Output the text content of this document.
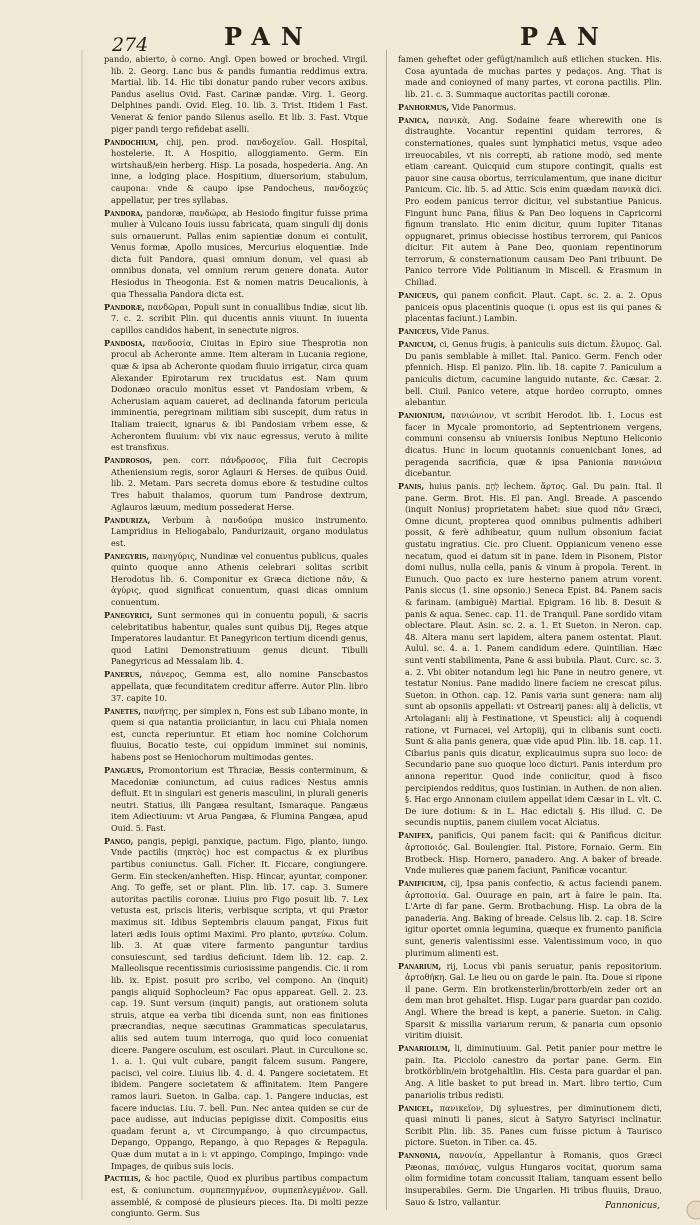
274	PAN	PAN

pando, abierto, ò corno. Angl. Open bowed or broched. Virgil. lib. 2. Georg. Lanc bus & pandis fumantia reddimus extra. Martial. lib. 14. Hic tibi donatur pando ruber vecors axibus. Pandus aselius Ovid. Fast. Carinæ pandæ. Virg. 1. Georg. Delphines pandi. Ovid. Eleg. 10. lib. 3. Trist. Itidem 1 Fast. Venerat & fenior pando Silenus asello. Et lib. 3. Fast. Vtque piger pandi tergo refidebat aselli.

Pandochium, chij, pen. prod. πανδοχεῖον. Gall. Hospital, hostelerie. It. A Hospitio, alloggiamento. Germ. Ein wirtshauß/ein herberg. Hisp. La posada, hospederia. Ang. An inne, a lodging place. Hospitium, diuersorium, stabulum, caupona: vnde & caupo ipse Pandocheus, πανδοχεύς appellatur, per tres syllabas.

Pandora, pandoræ, πανδώρα, ab Hesiodo fingitur fuisse prima mulier à Vulcano Iouis iussu fabricata, quam singuli dij donis suis ornauerunt. Pallas enim sapientiæ donum ei contulit, Venus formæ, Apollo musices, Mercurius eloquentiæ. Inde dicta fuit Pandora, quasi omnium donum, vel quasi ab omnibus donata, vel omnium rerum genere donata. Autor Hesiodus in Theogonia. Est & nomen matris Deucalionis, à qua Thessalia Pandora dicta est.

Pandoræ, πανδῶραι, Populi sunt in conuallibus Indiæ, sicut lib. 7. c. 2. scribit Plin. qui ducentis annis viuunt. In iuuenta capillos candidos habent, in senectute nigros.

Pandosia, πανδοσία, Ciuitas in Epiro siue Thesprotia non procul ab Acheronte amne. Item alteram in Lucania regione, quæ & ipsa ab Acheronte quodam fluuio irrigatur, circa quam Alexander Epirotarum rex trucidatus est. Nam quum Dodonæo oraculo monitus esset vt Pandosiam vrbem, & Acherusiam aquam caueret, ad declinanda fatorum pericula imminentia, peregrinam militiam sibi suscepit, dum ratus in Italiam traiecit, ignarus & ibi Pandosiam vrbem esse, & Acherontem fluuium: vbi vix nauc egressus, veruto à milite est transfixus.

Pandrosos, pen. corr. πάνδροσος, Filia fuit Cecropis Atheniensium regis, soror Aglauri & Herses. de quibus Ouid. lib. 2. Metam. Pars secreta domus ebore & testudine cultos Tres habuit thalamos, quorum tum Pandrose dextrum, Aglauros læuum, medium possederat Herse.

Panduriza, Verbum à πανδούρα musico instrumento. Lampridius in Heliogabalo, Pandurizauit, organo modulatus est.

Panegyris, πανηγύρις, Nundinæ vel conuentus publicus, quales quinto quoque anno Athenis celebrari solitas scribit Herodotus lib. 6. Componitur ex Græca dictione πᾶν, & ἀγύρις, quod significat conuentum, quasi dicas omnium conuentum.

Panegyrici, Sunt sermones qui in conuentu populi, & sacris celebritatibus habentur, quales sunt quibus Dij, Reges atque Imperatores laudantur. Et Panegyricon tertium dicendi genus, quod Latini Demonstratiuum genus dicunt. Tibulli Panegyricus ad Messalam lib. 4.

Panerus, πάνερος, Gemma est, alio nomine Panscbastos appellata, quæ fecunditatem creditur afferre. Autor Plin. libro 37. capite 10.

Panetes, πανήτης, per simplex n, Fons est sub Libano monte, in quem si qua natantia proiiciantur, in lacu cui Phiala nomen est, cuncta reperiuntur. Et etiam hoc nomine Colchorum fluuius, Bocatio teste, cui oppidum imminet sui nominis, habens post se Heniochorum multimodas gentes.

Pangæus, Promontorium est Thraciæ, Bessis conterminum, & Macedoniæ coniunctum, ad cuius radices Nestus amnis defluit. Et in singulari est generis masculini, in plurali generis neutri. Statius, illi Pangæa resultant, Ismaraque. Pangæus item Adiectiuum: vt Arua Pangæa, & Flumina Pangæa, apud Ouid. 5. Fast.

Pango, pangis, pepigi, panxique, pactum. Figo, planto, iungo. Vnde pactilis (πηκτὸς) hoc est compactus & ex pluribus partibus coniunctus. Gall. Ficher. It. Ficcare, congiungere. Germ. Ein stecken/anheften. Hisp. Hincar, ayuntar, componer. Ang. To geffe, set or plant. Plin. lib. 17. cap. 3. Sumere autoritas pactilis coronæ. Liuius pro Figo posuit lib. 7. Lex vetusta est, priscis literis, verbisque scripta, vt qui Prætor maximus sit. Idibus Septembris clauum pangat, Fixus fuit lateri ædis Iouis optimi Maximi. Pro planto, φυτεύω. Colum. lib. 3. At quæ vitere farmento panguntur tardius consuiescunt, sed tardius deficiunt. Idem lib. 12. cap. 2. Malleolisque recentissimis curiosissime pangendis. Cic. ii rom lib. ix. Epist. posuit pro scribo, vel compono. An (inquit) pangis aliquid Sophocleum? Fac opus appareat. Gell. 2. 23. cap. 19. Sunt versum (inquit) pangis, aut orationem soluta struis, atque ea verba tibi dicenda sunt, non eas finitiones præcrandias, neque sæcutinas Grammaticas speculatarus, aliis sed autem tuum interroga, quo quid loco conueniat dicere. Pangere osculum, est osculari. Plaut. in Curculione sc. 1. a. 1. Qui vult cubare, pangit falcem susum. Pangere, pacisci, vel coire. Liuius lib. 4. d. 4. Pangere societatem. Et ibidem. Pangere societatem & affinitatem. Item Pangere ramos lauri. Sueton. in Galba. cap. 1. Pangere inducias, est facere inducias. Liu. 7. bell. Pun. Nec antea quiden se cur de pace audisse, aut inducias pepigisse dixit. Compositis eius quadam ferunt a, vt Circumpango, à quo circumpactus, Depango, Oppango, Repango, à quo Repages & Repagula. Quæ dum mutat a in i: vt appingo, Compingo, Impingo: vnde Impages, de quibus suis locis.

Pactilis, & hoc pactile, Quod ex pluribus partibus compactum est, & coniunctum. συμπεπηγμένον, συμπεπλεγμένον. Gall. assemblé, & composé de plusieurs pieces. Ita. Di molti pezze congiunto. Germ. Sus

famen geheftet oder gefügt/namlich auß etlichen stucken. His. Cosa ayuntada de muchas partes y pedaços. Ang. That is made and conioyned of many partes, vt corona pactilis. Plin. lib. 21. c. 3. Summaque auctoritas pactili coronæ.

Panhormus, Vide Panormus.

Panica, πανικὰ, Ang. Sodaine feare wherewith one is distraughte. Vocantur repentini quidam terrores, & consternationes, quales sunt lymphatici metus, vsque adeo irreuocabiles, vt nis correpti, ab ratione modò, sed mente etiam careant. Quicquid cum stupore contingit, qualis est pauor sine causa obortus, terriculamentum, que inane dicitur Panicum. Cic. lib. 5. ad Attic. Scis enim quædam πανικὰ dici. Pro eodem panicus terror dicitur, vel substantiue Panicus. Fingunt hunc Pana, filius & Pan Deo loquens in Capricorni fignum translato. Hic enim dicitur, quum Iupiter Titanas oppugnaret, primus obiecisse hostibus terrorem, qui Panicos dicitur. Fit autem à Pane Deo, quoniam repentinorum terrorum, & consternationum causam Deo Pani tribuunt. De Panico terrore Vide Politianum in Miscell. & Erasmum in Chiliad.

Paniceus, qui panem conficit. Plaut. Capt. sc. 2. a. 2. Opus paniceis opus placentinis quoque (i. opus est iis qui panes & placentas faciunt.) Lambin.

Paniceus, Vide Panus.

Panicum, ci, Genus frugis, à paniculis suis dictum. ἔλυμος. Gal. Du panis semblable à millet. Ital. Panico. Germ. Fench oder pfennich. Hisp. El panizo. Plin. lib. 18. capite 7. Paniculum a paniculis dictum, cacumine languido nutante, &c. Cæsar. 2. bell. Ciuil. Panico vetere, atque hordeo corrupto, omnes alebantur.

Panionium, πανιώνιον, vt scribit Herodot. lib. 1. Locus est facer in Mycale promontorio, ad Septentrionem vergens, communi consensu ab vniuersis Ionibus Neptuno Heliconio dicatus. Hunc in locum quotannis conuenicbant Iones, ad peragenda sacrificia, quæ & ipsa Panionia πανιώνια dicebantur.

Panis, huius panis. לֶחֶם lechem. ἄρτος. Gal. Du pain. Ital. Il pane. Germ. Brot. His. El pan. Angl. Breade. A pascendo (inquit Nonius) proprietatem habet: siue quod πᾶν Græci, Omne dicunt, propterea quod omnibus pulmentis adhiberi possit, & ferè adhibeatur, quum nullum obsonium faciat gustatu ingratius. Cic. pro Cluent. Oppianicum veneno esse necatum, quod ei datum sit in pane. Idem in Pisonem, Pistor domi nullus, nulla cella, panis & vinum à propola. Terent. in Eunuch. Quo pacto ex iure hesterno panem atrum vorent. Panis siccus (1. sine opsonio.) Seneca Epist. 84. Panem sacis & farinam. (ambiguè) Martial. Epigram. 16 lib. 8. Desuit & panis & aqua. Senec. cap. 11. de Tranquil. Pane sordido vitam oblectare. Plaut. Asin. sc. 2. a. 1. Et Sueton. in Neron. cap. 48. Altera manu sert lapidem, altera panem ostentat. Plaut. Aulul. sc. 4. a. 1. Panem candidum edere. Quintilian. Hæc sunt venti stabilimenta, Pane & assi bubula. Plaut. Curc. sc. 3. a. 2. Vbi obiter notandum legi hic Pane in neutro genere, vt testatur Nonius. Pane madido linere faciem ne crescat pilus. Sueton. in Othon. cap. 12. Panis varia sunt genera: nam alij sunt ab opsoniis appellati: vt Ostrearij panes: alij à deliciis, vt Artolagani: alij à Festinatione, vt Speustici: alij à coquendi ratione, vt Furnacei, vel Artopiij, qui in clibanis sunt cocti. Sunt & alia panis genera, quæ vide apud Plin. lib. 18. cap. 11. Cibarius panis quis dicatur, explicauimus supra suo loco: de Secundario pane suo quoque loco dicturi. Panis interdum pro annona reperitur. Quod inde coniicitur, quod à fisco percipiendos redditus, quos Iustinian. in Authen. de non alien. §. Hac ergo Annonam ciuilem appellat idem Cæsar in L. vlt. C. De iure dotium: & in L. Hac edictali §. His illud. C. De secundis nuptiis, panem ciuilem vocat Alciatus.

Panifex, panificis, Qui panem facit: qui & Panificus dicitur. ἀρτοποιός. Gal. Boulengier. Ital. Pistore, Fornaio. Germ. Ein Brotbeck. Hisp. Hornero, panadero. Ang. A baker of breade. Vnde mulieres quæ panem faciunt, Panificæ vocantur.

Panificium, cij, Ipsa panis confectio, & actus faciendi panem. ἀρτοποιία. Gal. Ouurage en pain, art à faire le pain. Ita. L'Arte di far pane. Germ. Brotbachung. Hisp. La obra de la panaderia. Ang. Baking of breade. Celsus lib. 2. cap. 18. Scire igitur oportet omnia legumina, quæque ex frumento panificia sunt, generis valentissimi esse. Valentissimum voco, in quo plurimum alimenti est.

Panarium, rij, Locus vbi panis seruatur, panis repositorium. ἀρτοθήκη. Gal. Le lieu ou on garde le pain. Ita. Doue si ripone il pane. Germ. Ein brotkensterlin/brottorb/ein zeder ort an dem man brot gehaltet. Hisp. Lugar para guardar pan cozido. Angl. Where the bread is kept, a panerie. Sueton. in Calig. Sparsit & missilia variarum rerum, & panaria cum opsonio viritim diuisit.

Panariolum, li, diminutiuum. Gal. Petit panier pour mettre le pain. Ita. Picciolo canestro da portar pane. Germ. Ein brotkörblin/ein brotgehaltlin. His. Cesta para guardar el pan. Ang. A litle basket to put bread in. Mart. libro tertio, Cum panariolis tribus redisti.

Panicel, πανικεῖον, Dij syluestres, per diminutionem dicti, quasi minuti li panes, sicut à Satyro Satyrisci inclinatur. Scribit Plin. lib. 35. Panes cum fuisse pictum à Taurisco pictore. Sueton. in Tiber. ca. 45.

Pannonia, πανονία, Appellantur à Romanis, quos Græci Pæonas, παιόνας, vulgus Hungaros vocitat, quorum sama olim formidine totam concussit Italiam, tanquam essent bello insuperabiles. Germ. Die Ungarlen. Hi tribus fluuiis, Drauo, Sauo & Istro, vallantur.	Pannonicus,
